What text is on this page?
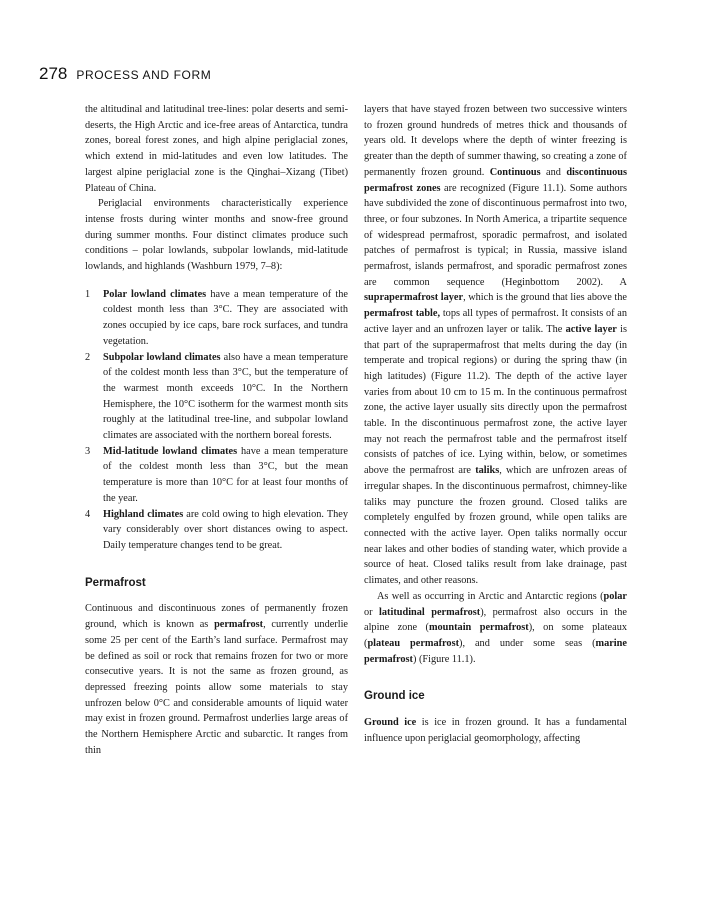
278 PROCESS AND FORM

the altitudinal and latitudinal tree-lines: polar deserts and semi-deserts, the High Arctic and ice-free areas of Antarctica, tundra zones, boreal forest zones, and high alpine periglacial zones, which extend in mid-latitudes and even low latitudes. The largest alpine periglacial zone is the Qinghai–Xizang (Tibet) Plateau of China.

Periglacial environments characteristically experience intense frosts during winter months and snow-free ground during summer months. Four distinct climates produce such conditions – polar lowlands, subpolar lowlands, mid-latitude lowlands, and highlands (Washburn 1979, 7–8):

1 Polar lowland climates have a mean temperature of the coldest month less than 3°C. They are associated with zones occupied by ice caps, bare rock surfaces, and tundra vegetation.
2 Subpolar lowland climates also have a mean temperature of the coldest month less than 3°C, but the temperature of the warmest month exceeds 10°C. In the Northern Hemisphere, the 10°C isotherm for the warmest month sits roughly at the latitudinal tree-line, and subpolar lowland climates are associated with the northern boreal forests.
3 Mid-latitude lowland climates have a mean temperature of the coldest month less than 3°C, but the mean temperature is more than 10°C for at least four months of the year.
4 Highland climates are cold owing to high elevation. They vary considerably over short distances owing to aspect. Daily temperature changes tend to be great.
Permafrost

Continuous and discontinuous zones of permanently frozen ground, which is known as permafrost, currently underlie some 25 per cent of the Earth’s land surface. Permafrost may be defined as soil or rock that remains frozen for two or more consecutive years. It is not the same as frozen ground, as depressed freezing points allow some materials to stay unfrozen below 0°C and considerable amounts of liquid water may exist in frozen ground. Permafrost underlies large areas of the Northern Hemisphere Arctic and subarctic. It ranges from thin

layers that have stayed frozen between two successive winters to frozen ground hundreds of metres thick and thousands of years old. It develops where the depth of winter freezing is greater than the depth of summer thawing, so creating a zone of permanently frozen ground. Continuous and discontinuous permafrost zones are recognized (Figure 11.1). Some authors have subdivided the zone of discontinuous permafrost into two, three, or four subzones. In North America, a tripartite sequence of widespread permafrost, sporadic permafrost, and isolated patches of permafrost is typical; in Russia, massive island permafrost, islands permafrost, and sporadic permafrost zones are common sequence (Heginbottom 2002). A suprapermafrost layer, which is the ground that lies above the permafrost table, tops all types of permafrost. It consists of an active layer and an unfrozen layer or talik. The active layer is that part of the suprapermafrost that melts during the day (in temperate and tropical regions) or during the spring thaw (in high latitudes) (Figure 11.2). The depth of the active layer varies from about 10 cm to 15 m. In the continuous permafrost zone, the active layer usually sits directly upon the permafrost table. In the discontinuous permafrost zone, the active layer may not reach the permafrost table and the permafrost itself consists of patches of ice. Lying within, below, or sometimes above the permafrost are taliks, which are unfrozen areas of irregular shapes. In the discontinuous permafrost, chimney-like taliks may puncture the frozen ground. Closed taliks are completely engulfed by frozen ground, while open taliks are connected with the active layer. Open taliks normally occur near lakes and other bodies of standing water, which provide a source of heat. Closed taliks result from lake drainage, past climates, and other reasons.

As well as occurring in Arctic and Antarctic regions (polar or latitudinal permafrost), permafrost also occurs in the alpine zone (mountain permafrost), on some plateaux (plateau permafrost), and under some seas (marine permafrost) (Figure 11.1).

Ground ice

Ground ice is ice in frozen ground. It has a fundamental influence upon periglacial geomorphology, affecting
